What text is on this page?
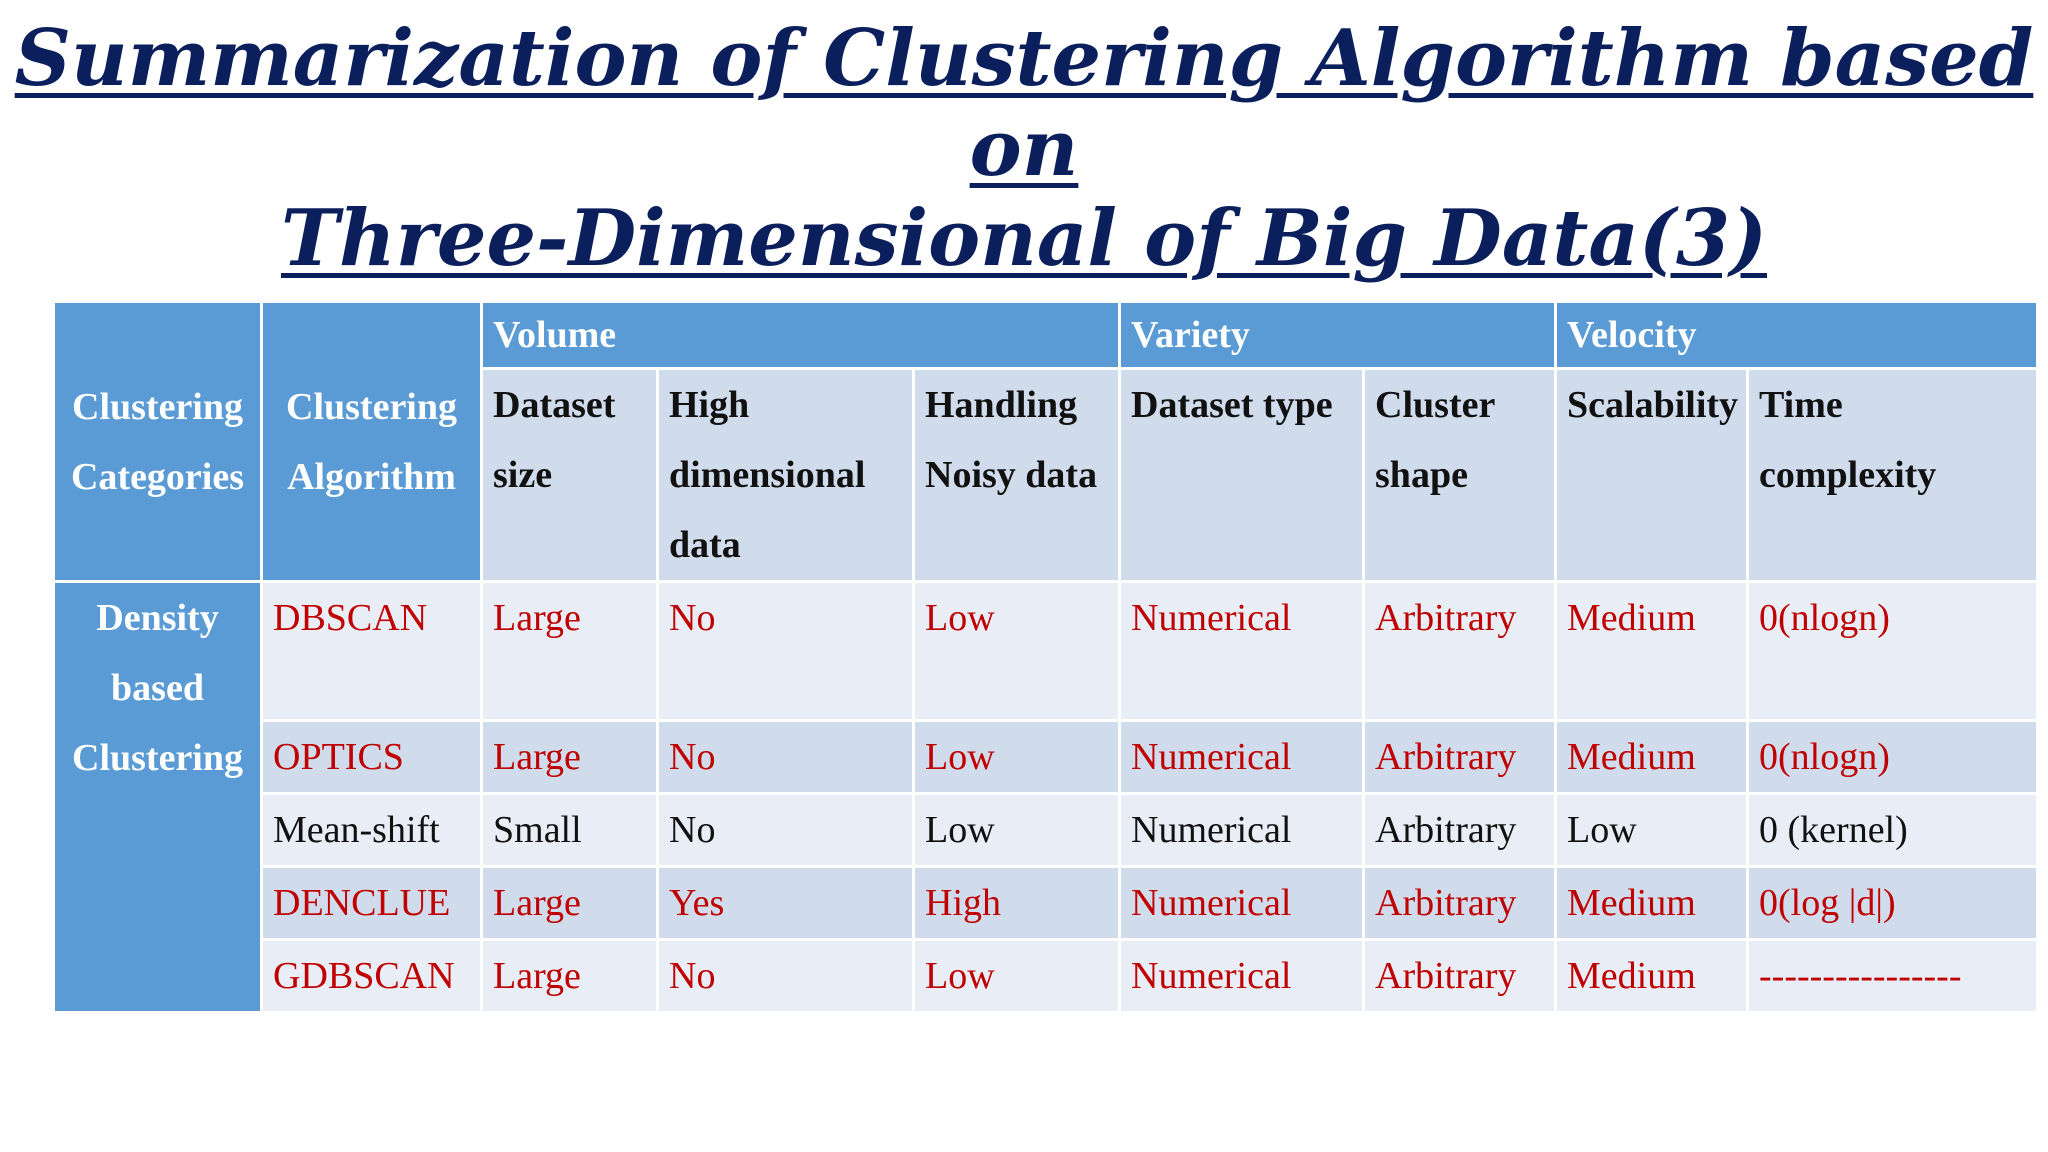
Summarization of Clustering Algorithm based on
Three-Dimensional of Big Data(3)
Clustering
Categories	Clustering
Algorithm	Volume			Variety		Velocity	
		Dataset size	High dimensional data	Handling Noisy data	Dataset type	Cluster shape	Scalability	Time complexity

Density
based
Clustering	DBSCAN	Large	No	Low	Numerical	Arbitrary	Medium	0(nlogn)
	OPTICS	Large	No	Low	Numerical	Arbitrary	Medium	0(nlogn)
	Mean-shift	Small	No	Low	Numerical	Arbitrary	Low	0 (kernel)
	DENCLUE	Large	Yes	High	Numerical	Arbitrary	Medium	0(log |d|)
	GDBSCAN	Large	No	Low	Numerical	Arbitrary	Medium	----------------
